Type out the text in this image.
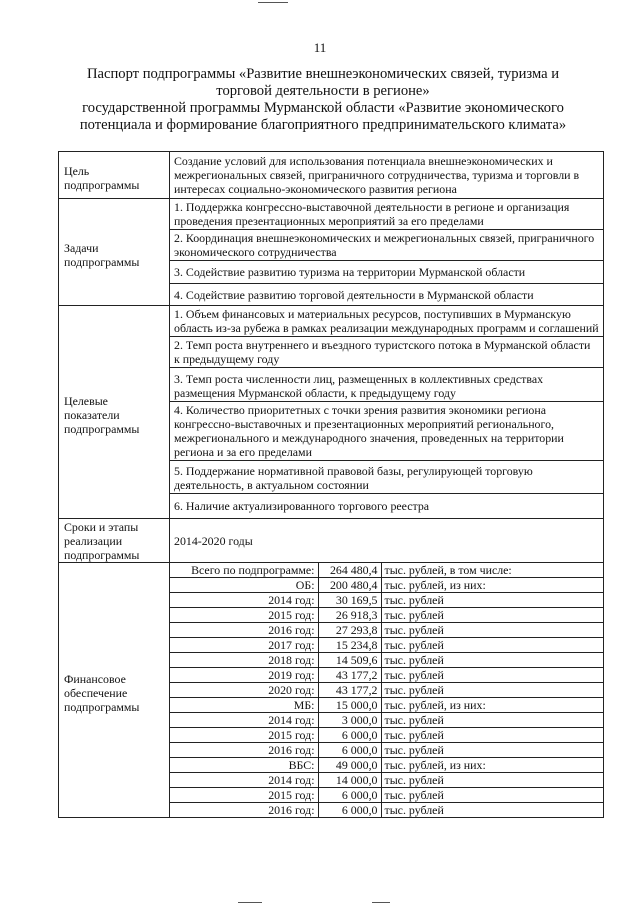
11
Паспорт подпрограммы «Развитие внешнеэкономических связей, туризма и
торговой деятельности в регионе»
государственной программы Мурманской области «Развитие экономического
потенциала и формирование благоприятного предпринимательского климата»
Цель подпрограммы	
Создание условий для использования потенциала внешнеэкономических и межрегиональных связей, приграничного сотрудничества, туризма и торговли в интересах социально-экономического развития региона

Задачи подпрограммы	
1. Поддержка конгрессно-выставочной деятельности в регионе и организация проведения презентационных мероприятий за его пределами
2. Координация внешнеэкономических и межрегиональных связей, приграничного экономического сотрудничества
3. Содействие развитию туризма на территории Мурманской области
4. Содействие развитию торговой деятельности в Мурманской области

Целевые показатели подпрограммы	
1. Объем финансовых и материальных ресурсов, поступивших в Мурманскую область из-за рубежа в рамках реализации международных программ и соглашений
2. Темп роста внутреннего и въездного туристского потока в Мурманской области к предыдущему году
3. Темп роста численности лиц, размещенных в коллективных средствах размещения Мурманской области, к предыдущему году
4. Количество приоритетных с точки зрения развития экономики региона конгрессно-выставочных и презентационных мероприятий регионального, межрегионального и международного значения, проведенных на территории региона и за его пределами
5. Поддержание нормативной правовой базы, регулирующей торговую деятельность, в актуальном состоянии
6. Наличие актуализированного торгового реестра

Сроки и этапы реализации подпрограммы	
2014-2020 годы

Финансовое обеспечение подпрограммы	
Всего по подпрограмме:	264 480,4	тыс. рублей, в том числе:
ОБ:	200 480,4	тыс. рублей, из них:
2014 год:	30 169,5	тыс. рублей
2015 год:	26 918,3	тыс. рублей
2016 год:	27 293,8	тыс. рублей
2017 год:	15 234,8	тыс. рублей
2018 год:	14 509,6	тыс. рублей
2019 год:	43 177,2	тыс. рублей
2020 год:	43 177,2	тыс. рублей
МБ:	15 000,0	тыс. рублей, из них:
2014 год:	3 000,0	тыс. рублей
2015 год:	6 000,0	тыс. рублей
2016 год:	6 000,0	тыс. рублей
ВБС:	49 000,0	тыс. рублей, из них:
2014 год:	14 000,0	тыс. рублей
2015 год:	6 000,0	тыс. рублей
2016 год:	6 000,0	тыс. рублей
